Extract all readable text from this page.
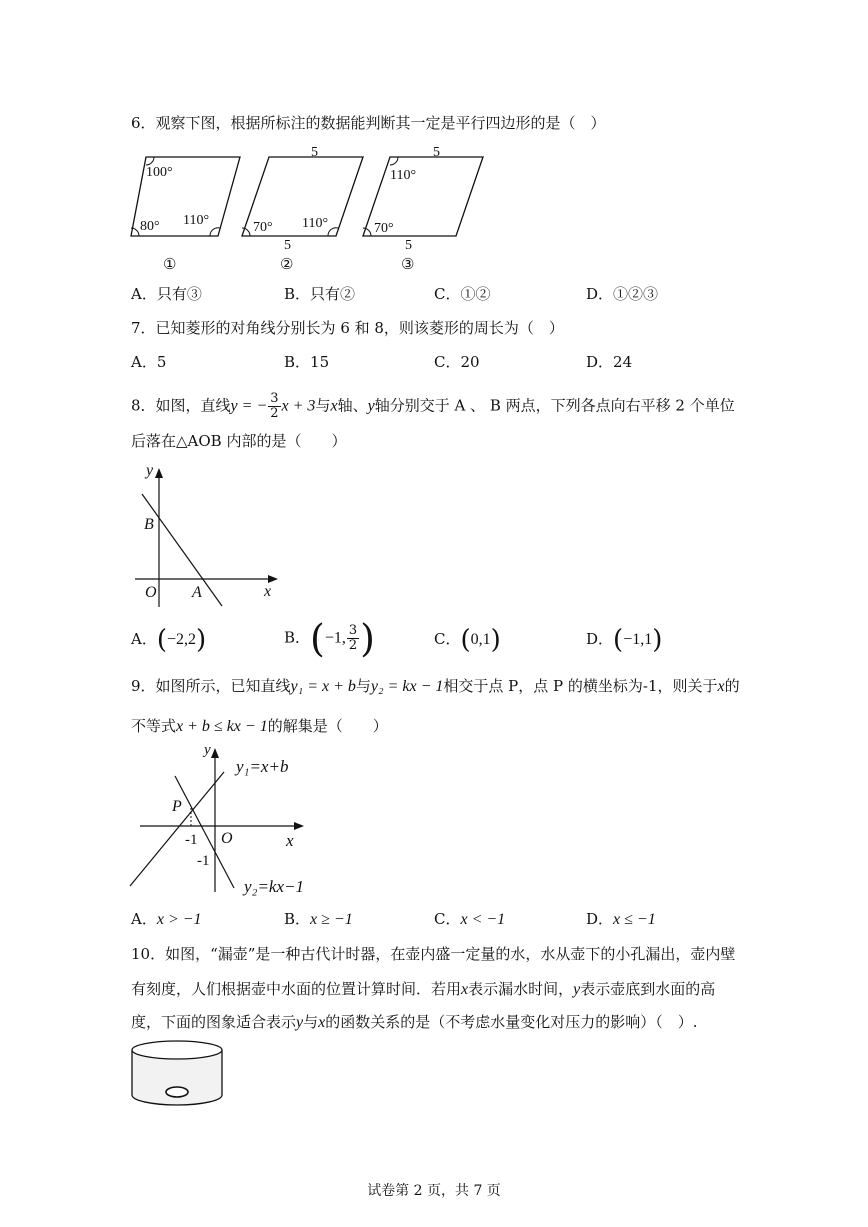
6．观察下图，根据所标注的数据能判断其一定是平行四边形的是（　）
100°
80° 110°
①
5
70° 110°
5
②
5
110°
70°
5
③
A．只有③	B．只有②	C．①②	D．①②③
7．已知菱形的对角线分别长为 6 和 8，则该菱形的周长为（　）
A．5	B．15	C．20	D．24
8．如图，直线y = − $\frac{3}{2}$ x + 3与x轴、y轴分别交于 A 、 B 两点，下列各点向右平移 2 个单位
后落在△AOB 内部的是（　　）
y
x
O A
B
A．(−2,2)	B．(−1, $\frac{3}{2}$ )	C．(0,1)	D．(−1,1)
9．如图所示，已知直线y₁ = x + b与y₂ = kx − 1相交于点 P，点 P 的横坐标为-1，则关于x的
不等式x + b ≤ kx − 1的解集是（　　）
y
x
O
P
-1
-1
y₁=x+b
y₂=kx−1
A．x > −1	B．x ≥ −1	C．x < −1	D．x ≤ −1
10．如图，“漏壶”是一种古代计时器，在壶内盛一定量的水，水从壶下的小孔漏出，壶内壁
有刻度，人们根据壶中水面的位置计算时间．若用x表示漏水时间，y表示壶底到水面的高
度，下面的图象适合表示y与x的函数关系的是（不考虑水量变化对压力的影响）（　）.
试卷第 2 页，共 7 页
